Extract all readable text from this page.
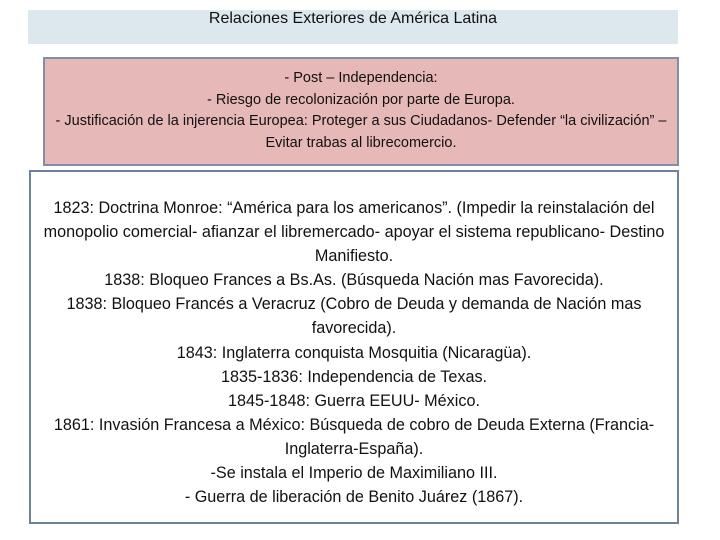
Relaciones Exteriores de América Latina
- Post – Independencia:
- Riesgo de recolonización por parte de Europa.
- Justificación de la injerencia Europea: Proteger a sus Ciudadanos- Defender “la civilización” – Evitar trabas al librecomercio.
1823: Doctrina Monroe: “América para los americanos”. (Impedir la reinstalación del monopolio comercial- afianzar el libremercado- apoyar el sistema republicano- Destino Manifiesto.
1838: Bloqueo Frances a Bs.As. (Búsqueda Nación mas Favorecida).
1838: Bloqueo Francés a Veracruz (Cobro de Deuda y demanda de Nación mas favorecida).
1843: Inglaterra conquista Mosquitia (Nicaragüa).
1835-1836: Independencia de Texas.
1845-1848: Guerra EEUU- México.
1861: Invasión Francesa a México: Búsqueda de cobro de Deuda Externa (Francia-Inglaterra-España).
-Se instala el Imperio de Maximiliano III.
- Guerra de liberación de Benito Juárez (1867).
